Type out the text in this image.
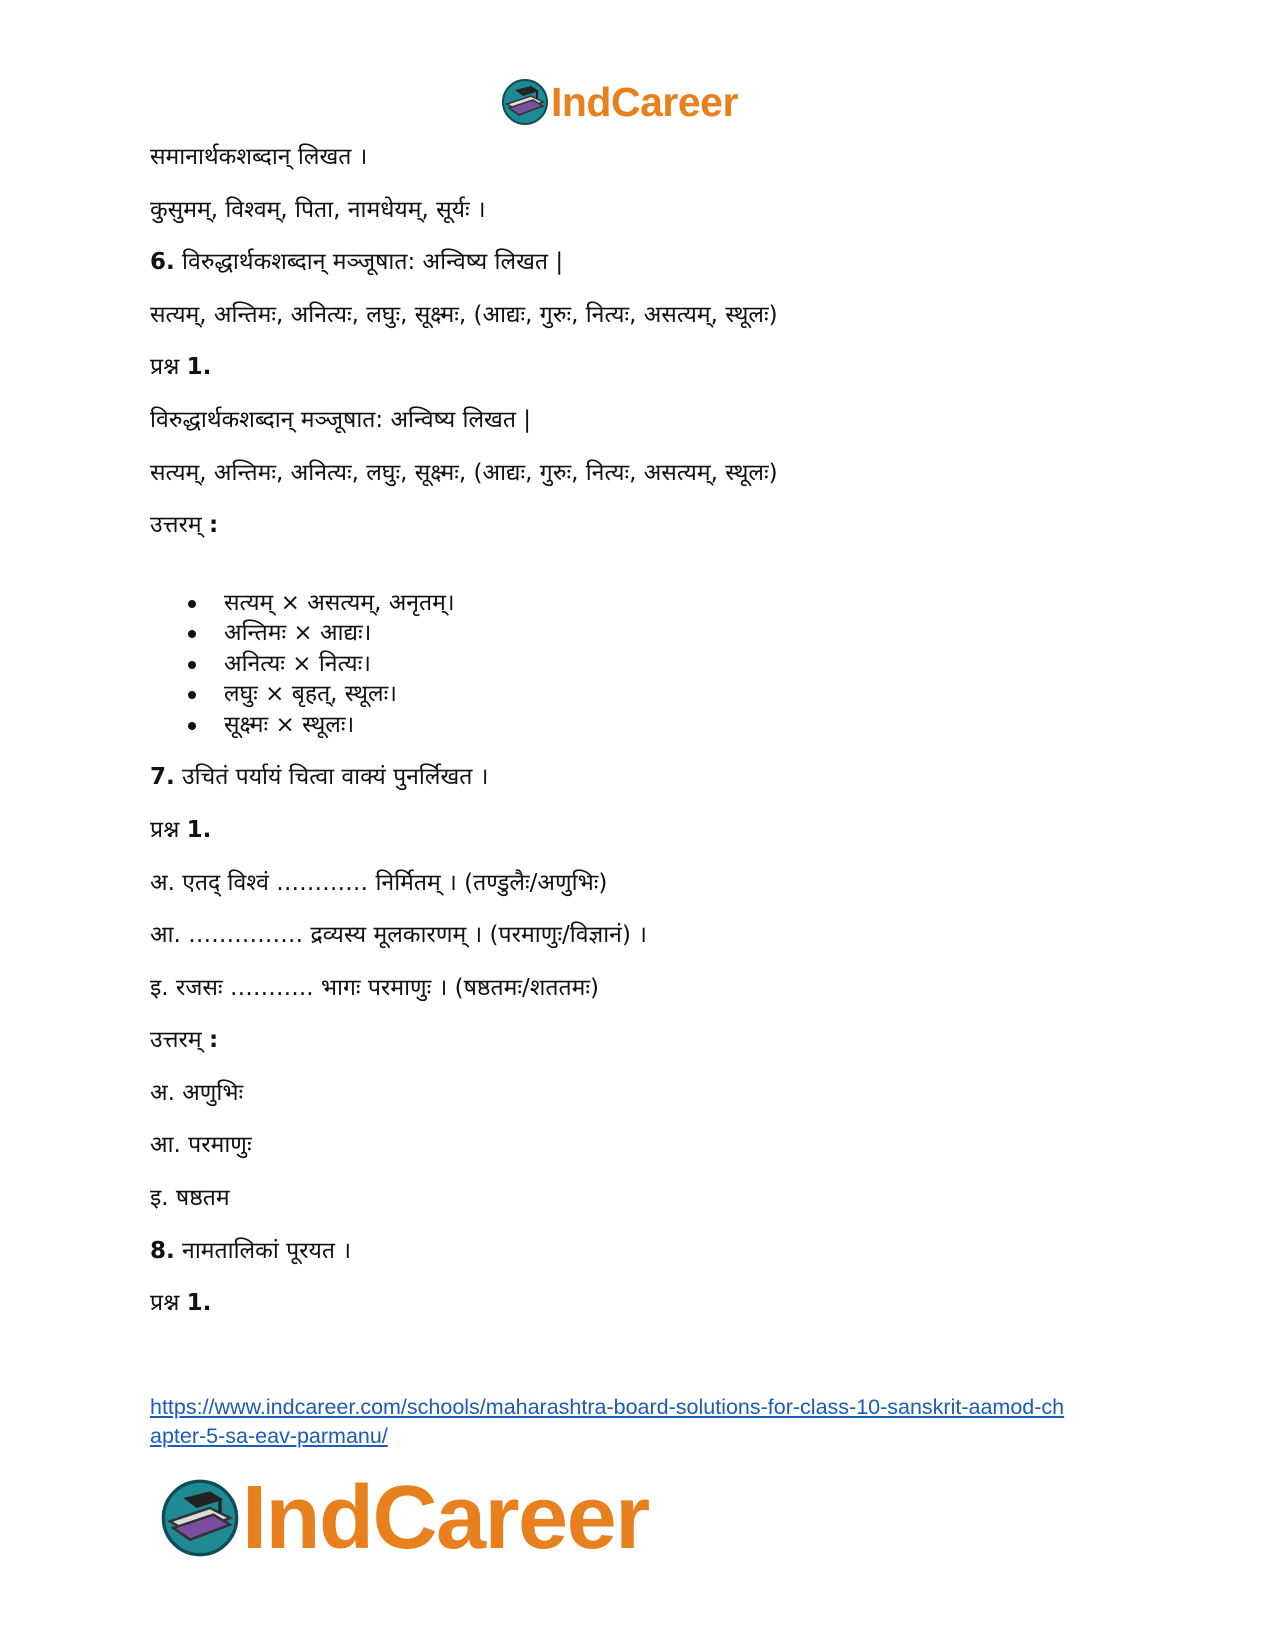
IndCareer
समानार्थकशब्दान् लिखत ।
कुसुमम्, विश्वम्, पिता, नामधेयम्, सूर्यः ।
6. विरुद्धार्थकशब्दान् मञ्जूषात: अन्विष्य लिखत |
सत्यम्, अन्तिमः, अनित्यः, लघुः, सूक्ष्मः, (आद्यः, गुरुः, नित्यः, असत्यम्, स्थूलः)
प्रश्न 1.
विरुद्धार्थकशब्दान् मञ्जूषात: अन्विष्य लिखत |
सत्यम्, अन्तिमः, अनित्यः, लघुः, सूक्ष्मः, (आद्यः, गुरुः, नित्यः, असत्यम्, स्थूलः)
उत्तरम् :
सत्यम् × असत्यम्, अनृतम्।
अन्तिमः × आद्यः।
अनित्यः × नित्यः।
लघुः × बृहत्, स्थूलः।
सूक्ष्मः × स्थूलः।
7. उचितं पर्यायं चित्वा वाक्यं पुनर्लिखत ।
प्रश्न 1.
अ. एतद् विश्वं ………… निर्मितम् । (तण्डुलैः/अणुभिः)
आ. …………… द्रव्यस्य मूलकारणम् । (परमाणुः/विज्ञानं) ।
इ. रजसः ……….. भागः परमाणुः । (षष्ठतमः/शततमः)
उत्तरम् :
अ. अणुभिः
आ. परमाणुः
इ. षष्ठतम
8. नामतालिकां पूरयत ।
प्रश्न 1.
https://www.indcareer.com/schools/maharashtra-board-solutions-for-class-10-sanskrit-aamod-ch
apter-5-sa-eav-parmanu/
IndCareer
